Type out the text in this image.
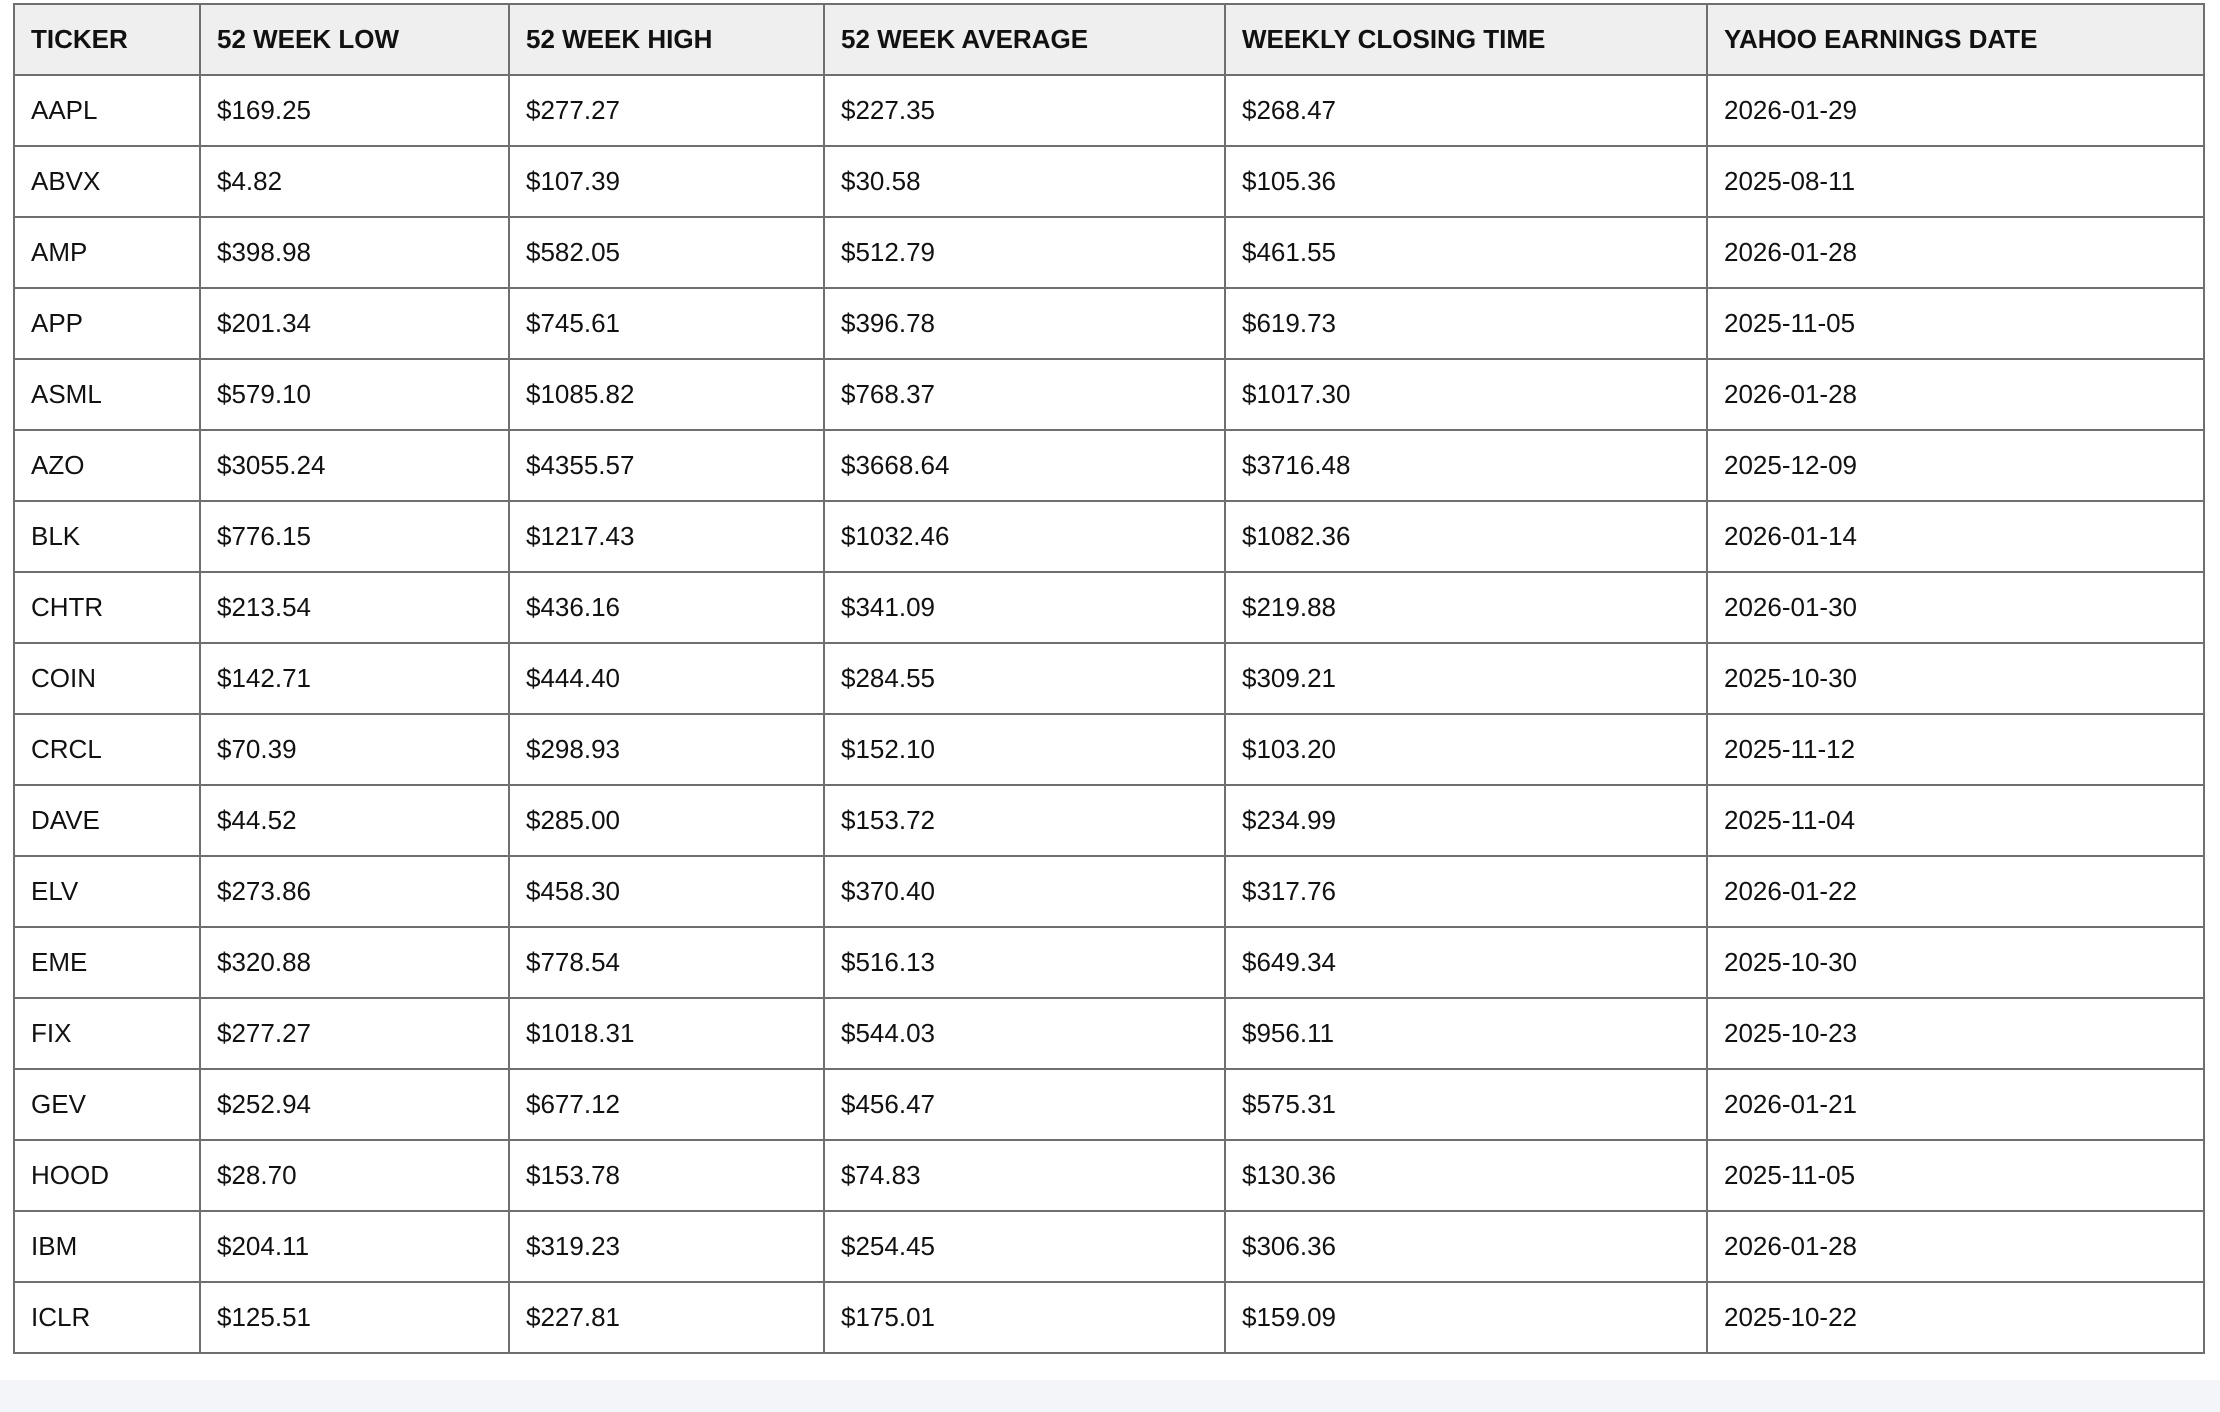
TICKER	52 WEEK LOW	52 WEEK HIGH	52 WEEK AVERAGE	WEEKLY CLOSING TIME	YAHOO EARNINGS DATE
AAPL	$169.25	$277.27	$227.35	$268.47	2026-01-29
ABVX	$4.82	$107.39	$30.58	$105.36	2025-08-11
AMP	$398.98	$582.05	$512.79	$461.55	2026-01-28
APP	$201.34	$745.61	$396.78	$619.73	2025-11-05
ASML	$579.10	$1085.82	$768.37	$1017.30	2026-01-28
AZO	$3055.24	$4355.57	$3668.64	$3716.48	2025-12-09
BLK	$776.15	$1217.43	$1032.46	$1082.36	2026-01-14
CHTR	$213.54	$436.16	$341.09	$219.88	2026-01-30
COIN	$142.71	$444.40	$284.55	$309.21	2025-10-30
CRCL	$70.39	$298.93	$152.10	$103.20	2025-11-12
DAVE	$44.52	$285.00	$153.72	$234.99	2025-11-04
ELV	$273.86	$458.30	$370.40	$317.76	2026-01-22
EME	$320.88	$778.54	$516.13	$649.34	2025-10-30
FIX	$277.27	$1018.31	$544.03	$956.11	2025-10-23
GEV	$252.94	$677.12	$456.47	$575.31	2026-01-21
HOOD	$28.70	$153.78	$74.83	$130.36	2025-11-05
IBM	$204.11	$319.23	$254.45	$306.36	2026-01-28
ICLR	$125.51	$227.81	$175.01	$159.09	2025-10-22
